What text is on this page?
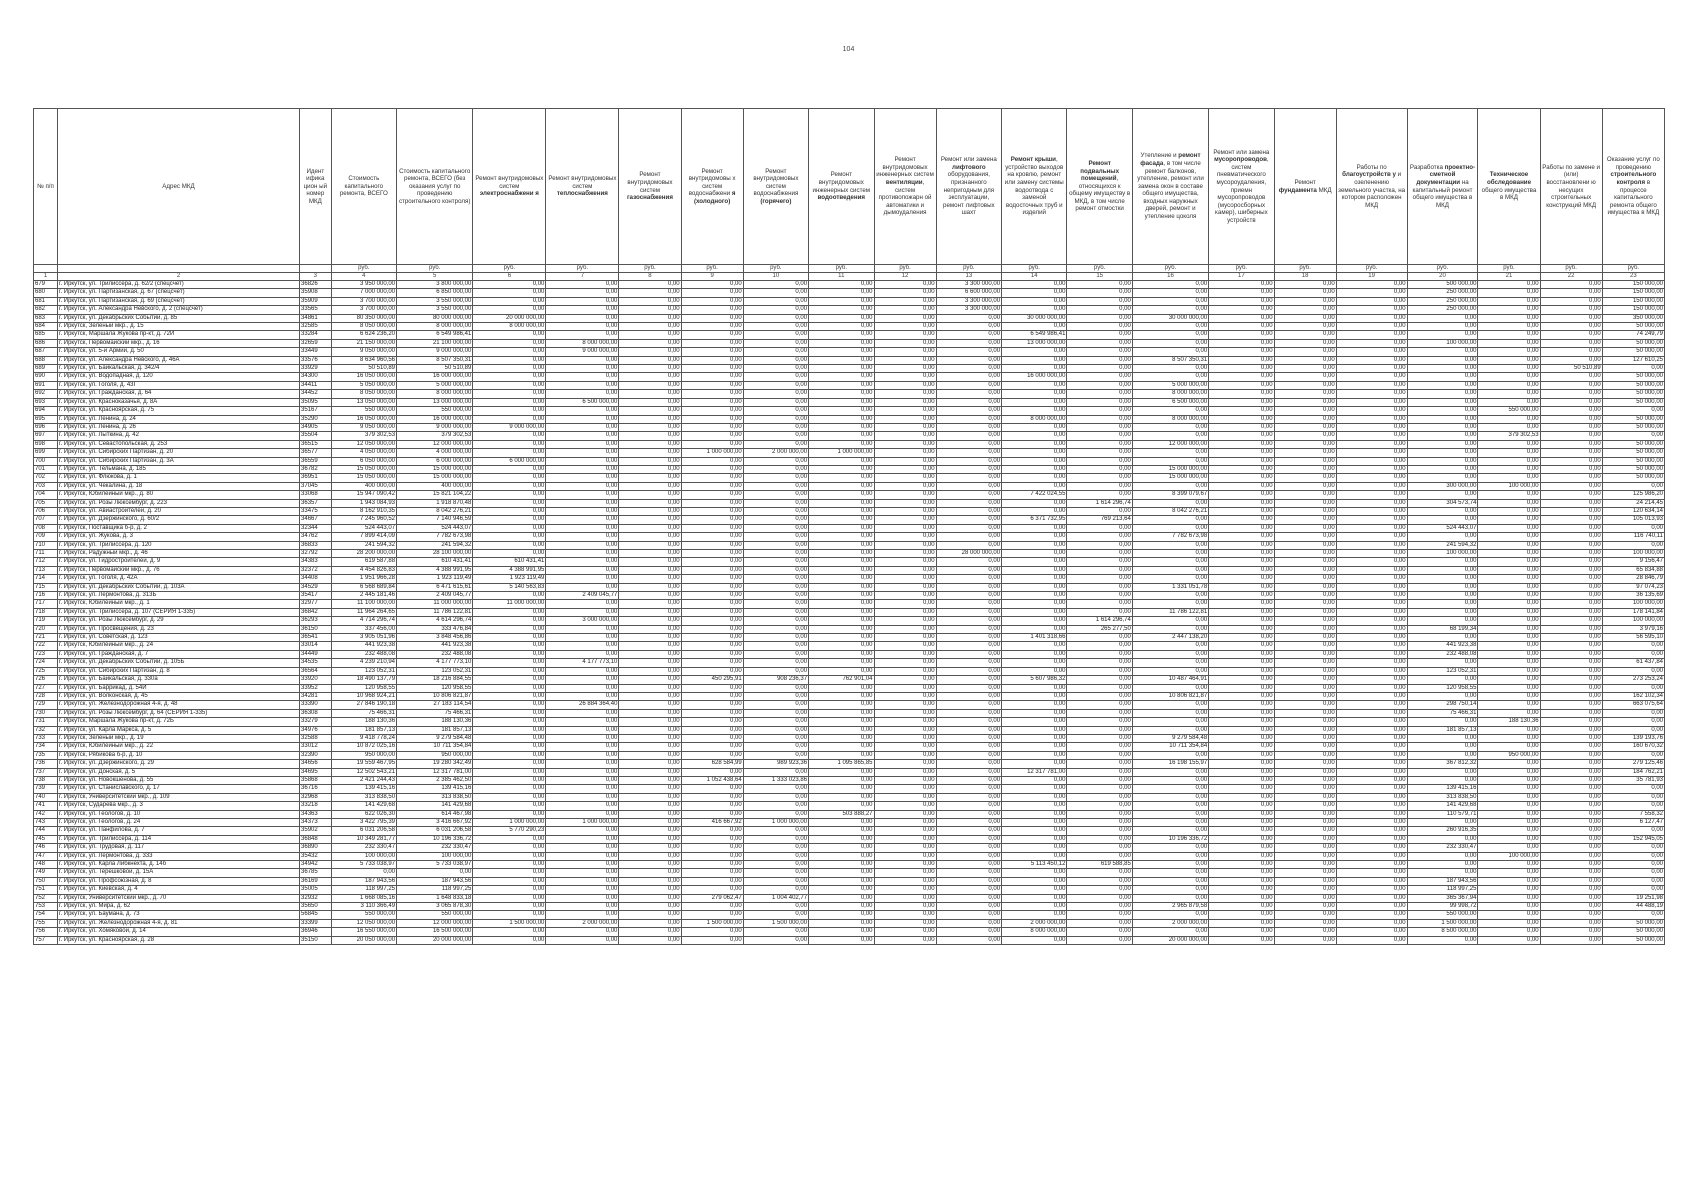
104
№ п/п	Адрес МКД	Идент ифика цион ый номер МКД	Стоимость капитального ремонта, ВСЕГО	Стоимость капитального ремонта, ВСЕГО (без оказания услуг по проведению строительного контроля)	Ремонт внутридомовых систем электроснабжени я	Ремонт внутридомовых систем теплоснабжения	Ремонт внутридомовых систем газоснабжения	Ремонт внутридомовы х систем водоснабжени я (холодного)	Ремонт внутридомовых систем водоснабжения (горячего)	Ремонт внутридомовых инженерных систем водоотведения	Ремонт внутридомовых инженерных систем вентиляции, систем противопожарн ой автоматики и дымоудаления	Ремонт или замена лифтового оборудования, признанного непригодным для эксплуатации, ремонт лифтовых шахт	Ремонт крыши, устройство выходов на кровлю, ремонт или замену системы водоотвода с заменой водосточных труб и изделий	Ремонт подвальных помещений, относящихся к общему имуществу в МКД, в том числе ремонт отмостки	Утепление и ремонт фасада, в том числе ремонт балконов, утепление, ремонт или замена окон в составе общего имущества, входных наружных дверей, ремонт и утепление цоколя	Ремонт или замена мусоропроводов, систем пневматического мусороудаления, приемн мусоропроводов (мусоросборных камер), шиберных устройств	Ремонт фундамента МКД	Работы по благоустройств у и озеленению земельного участка, на котором расположен МКД	Разработка проектно-сметной документации на капитальный ремонт общего имущества в МКД	Техническое обследование общего имущества в МКД	Работы по замене и (или) восстановлени ю несущих строительных конструкций МКД	Оказание услуг по проведению строительного контроля в процессе капитального ремонта общего имущества в МКД
			руб.	руб.	руб.	руб.	руб.	руб.	руб.	руб.	руб.	руб.	руб.	руб.	руб.	руб.	руб.	руб.	руб.	руб.	руб.	руб.
1	2	3	4	5	6	7	8	9	10	11	12	13	14	15	16	17	18	19	20	21	22	23
679	г. Иркутск, ул. Трилиссера, д. 62/2 (спецсчет)	36826	3 950 000,00	3 800 000,00	0,00	0,00	0,00	0,00	0,00	0,00	0,00	3 300 000,00	0,00	0,00	0,00	0,00	0,00	0,00	500 000,00	0,00	0,00	150 000,00
680	г. Иркутск, ул. Партизанская, д. 67 (спецсчет)	35908	7 000 000,00	6 850 000,00	0,00	0,00	0,00	0,00	0,00	0,00	0,00	6 600 000,00	0,00	0,00	0,00	0,00	0,00	0,00	250 000,00	0,00	0,00	150 000,00
681	г. Иркутск, ул. Партизанская, д. 69 (спецсчет)	35909	3 700 000,00	3 550 000,00	0,00	0,00	0,00	0,00	0,00	0,00	0,00	3 300 000,00	0,00	0,00	0,00	0,00	0,00	0,00	250 000,00	0,00	0,00	150 000,00
682	г. Иркутск, ул. Александра Невского, д. 2 (спецсчет)	33565	3 700 000,00	3 550 000,00	0,00	0,00	0,00	0,00	0,00	0,00	0,00	3 300 000,00	0,00	0,00	0,00	0,00	0,00	0,00	250 000,00	0,00	0,00	150 000,00
683	г. Иркутск, ул. Декабрьских Событий, д. 85	34861	80 350 000,00	80 000 000,00	20 000 000,00	0,00	0,00	0,00	0,00	0,00	0,00	0,00	30 000 000,00	0,00	30 000 000,00	0,00	0,00	0,00	0,00	0,00	0,00	350 000,00
684	г. Иркутск, Зеленый мкр., д. 15	32585	8 050 000,00	8 000 000,00	8 000 000,00	0,00	0,00	0,00	0,00	0,00	0,00	0,00	0,00	0,00	0,00	0,00	0,00	0,00	0,00	0,00	0,00	50 000,00
685	г. Иркутск, Маршала Жукова пр-кт, д. 72И	33284	6 624 236,20	6 549 986,41	0,00	0,00	0,00	0,00	0,00	0,00	0,00	0,00	6 549 986,41	0,00	0,00	0,00	0,00	0,00	0,00	0,00	0,00	74 249,79
686	г. Иркутск, Первомайский мкр., д. 16	32659	21 150 000,00	21 100 000,00	0,00	8 000 000,00	0,00	0,00	0,00	0,00	0,00	0,00	13 000 000,00	0,00	0,00	0,00	0,00	0,00	100 000,00	0,00	0,00	50 000,00
687	г. Иркутск, ул. 5-й Армии, д. 50	33449	9 050 000,00	9 000 000,00	0,00	9 000 000,00	0,00	0,00	0,00	0,00	0,00	0,00	0,00	0,00	0,00	0,00	0,00	0,00	0,00	0,00	0,00	50 000,00
688	г. Иркутск, ул. Александра Невского, д. 46А	33576	8 634 960,56	8 507 350,31	0,00	0,00	0,00	0,00	0,00	0,00	0,00	0,00	0,00	0,00	8 507 350,31	0,00	0,00	0,00	0,00	0,00	0,00	127 610,25
689	г. Иркутск, ул. Байкальская, д. 342/4	33929	50 510,89	50 510,89	0,00	0,00	0,00	0,00	0,00	0,00	0,00	0,00	0,00	0,00	0,00	0,00	0,00	0,00	0,00	0,00	50 510,89	0,00
690	г. Иркутск, ул. Водопадная, д. 120	34300	16 050 000,00	16 000 000,00	0,00	0,00	0,00	0,00	0,00	0,00	0,00	0,00	16 000 000,00	0,00	0,00	0,00	0,00	0,00	0,00	0,00	0,00	50 000,00
691	г. Иркутск, ул. Гоголя, д. 43Г	34411	5 050 000,00	5 000 000,00	0,00	0,00	0,00	0,00	0,00	0,00	0,00	0,00	0,00	0,00	5 000 000,00	0,00	0,00	0,00	0,00	0,00	0,00	50 000,00
692	г. Иркутск, ул. Гражданская, д. 64	34452	8 050 000,00	8 000 000,00	0,00	0,00	0,00	0,00	0,00	0,00	0,00	0,00	0,00	0,00	8 000 000,00	0,00	0,00	0,00	0,00	0,00	0,00	50 000,00
693	г. Иркутск, ул. Красноказачья, д. 8А	35095	13 050 000,00	13 000 000,00	0,00	6 500 000,00	0,00	0,00	0,00	0,00	0,00	0,00	0,00	0,00	6 500 000,00	0,00	0,00	0,00	0,00	0,00	0,00	50 000,00
694	г. Иркутск, ул. Красноярская, д. 75	35167	550 000,00	550 000,00	0,00	0,00	0,00	0,00	0,00	0,00	0,00	0,00	0,00	0,00	0,00	0,00	0,00	0,00	0,00	550 000,00	0,00	0,00
695	г. Иркутск, ул. Ленина, д. 24	35290	16 050 000,00	16 000 000,00	0,00	0,00	0,00	0,00	0,00	0,00	0,00	0,00	8 000 000,00	0,00	8 000 000,00	0,00	0,00	0,00	0,00	0,00	0,00	50 000,00
696	г. Иркутск, ул. Ленина, д. 26	34905	9 050 000,00	9 000 000,00	9 000 000,00	0,00	0,00	0,00	0,00	0,00	0,00	0,00	0,00	0,00	0,00	0,00	0,00	0,00	0,00	0,00	0,00	50 000,00
697	г. Иркутск, ул. Лыткина, д. 42	35504	379 302,53	379 302,53	0,00	0,00	0,00	0,00	0,00	0,00	0,00	0,00	0,00	0,00	0,00	0,00	0,00	0,00	0,00	379 302,53	0,00	0,00
698	г. Иркутск, ул. Севастопольская, д. 253	36515	12 050 000,00	12 000 000,00	0,00	0,00	0,00	0,00	0,00	0,00	0,00	0,00	0,00	0,00	12 000 000,00	0,00	0,00	0,00	0,00	0,00	0,00	50 000,00
699	г. Иркутск, ул. Сибирских Партизан, д. 20	36577	4 050 000,00	4 000 000,00	0,00	0,00	0,00	1 000 000,00	2 000 000,00	1 000 000,00	0,00	0,00	0,00	0,00	0,00	0,00	0,00	0,00	0,00	0,00	0,00	50 000,00
700	г. Иркутск, ул. Сибирских Партизан, д. 3А	36559	6 050 000,00	6 000 000,00	6 000 000,00	0,00	0,00	0,00	0,00	0,00	0,00	0,00	0,00	0,00	0,00	0,00	0,00	0,00	0,00	0,00	0,00	50 000,00
701	г. Иркутск, ул. Тельмана, д. 185	36782	15 050 000,00	15 000 000,00	0,00	0,00	0,00	0,00	0,00	0,00	0,00	0,00	0,00	0,00	15 000 000,00	0,00	0,00	0,00	0,00	0,00	0,00	50 000,00
702	г. Иркутск, ул. Флюкова, д. 1	36951	15 050 000,00	15 000 000,00	0,00	0,00	0,00	0,00	0,00	0,00	0,00	0,00	0,00	0,00	15 000 000,00	0,00	0,00	0,00	0,00	0,00	0,00	50 000,00
703	г. Иркутск, ул. Чекалина, д. 18	37045	400 000,00	400 000,00	0,00	0,00	0,00	0,00	0,00	0,00	0,00	0,00	0,00	0,00	0,00	0,00	0,00	0,00	300 000,00	100 000,00	0,00	0,00
704	г. Иркутск, Юбилейный мкр., д. 80	33068	15 947 090,42	15 821 104,22	0,00	0,00	0,00	0,00	0,00	0,00	0,00	0,00	7 422 024,55	0,00	8 399 079,67	0,00	0,00	0,00	0,00	0,00	0,00	125 986,20
705	г. Иркутск, ул. Розы Люксембург, д. 223	36357	1 943 084,93	1 918 870,48	0,00	0,00	0,00	0,00	0,00	0,00	0,00	0,00	0,00	1 614 296,74	0,00	0,00	0,00	0,00	304 573,74	0,00	0,00	24 214,45
706	г. Иркутск, ул. Авиастроителей, д. 20	33475	8 162 910,35	8 042 276,21	0,00	0,00	0,00	0,00	0,00	0,00	0,00	0,00	0,00	0,00	8 042 276,21	0,00	0,00	0,00	0,00	0,00	0,00	120 634,14
707	г. Иркутск, ул. Дзержинского, д. 60/2	34667	7 245 960,52	7 140 946,59	0,00	0,00	0,00	0,00	0,00	0,00	0,00	0,00	6 371 732,95	769 213,64	0,00	0,00	0,00	0,00	0,00	0,00	0,00	105 013,93
708	г. Иркутск, Поставщика б-р, д. 2	32344	524 443,07	524 443,07	0,00	0,00	0,00	0,00	0,00	0,00	0,00	0,00	0,00	0,00	0,00	0,00	0,00	0,00	524 443,07	0,00	0,00	0,00
709	г. Иркутск, ул. Жукова, д. 3	34762	7 899 414,09	7 782 673,98	0,00	0,00	0,00	0,00	0,00	0,00	0,00	0,00	0,00	0,00	7 782 673,98	0,00	0,00	0,00	0,00	0,00	0,00	116 740,11
710	г. Иркутск, ул. Трилиссера, д. 120	36833	241 594,32	241 594,32	0,00	0,00	0,00	0,00	0,00	0,00	0,00	0,00	0,00	0,00	0,00	0,00	0,00	0,00	241 594,32	0,00	0,00	0,00
711	г. Иркутск, Радужный мкр., д. 46	32792	28 200 000,00	28 100 000,00	0,00	0,00	0,00	0,00	0,00	0,00	0,00	28 000 000,00	0,00	0,00	0,00	0,00	0,00	0,00	100 000,00	0,00	0,00	100 000,00
712	г. Иркутск, ул. Гидростроителей, д. 9	34383	619 587,88	610 431,41	610 431,41	0,00	0,00	0,00	0,00	0,00	0,00	0,00	0,00	0,00	0,00	0,00	0,00	0,00	0,00	0,00	0,00	9 156,47
713	г. Иркутск, Первомайский мкр., д. 76	32372	4 454 826,83	4 388 991,95	4 388 991,95	0,00	0,00	0,00	0,00	0,00	0,00	0,00	0,00	0,00	0,00	0,00	0,00	0,00	0,00	0,00	0,00	65 834,88
714	г. Иркутск, ул. Гоголя, д. 42А	34408	1 951 966,28	1 923 119,49	1 923 119,49	0,00	0,00	0,00	0,00	0,00	0,00	0,00	0,00	0,00	0,00	0,00	0,00	0,00	0,00	0,00	0,00	28 846,79
715	г. Иркутск, ул. Декабрьских Событий, д. 103А	34529	6 568 689,84	6 471 615,61	5 140 563,83	0,00	0,00	0,00	0,00	0,00	0,00	0,00	0,00	0,00	1 331 051,78	0,00	0,00	0,00	0,00	0,00	0,00	97 074,23
716	г. Иркутск, ул. Лермонтова, д. 313Б	35417	2 445 181,46	2 409 045,77	0,00	2 409 045,77	0,00	0,00	0,00	0,00	0,00	0,00	0,00	0,00	0,00	0,00	0,00	0,00	0,00	0,00	0,00	36 135,69
717	г. Иркутск, Юбилейный мкр., д. 1	32977	11 100 000,00	11 000 000,00	11 000 000,00	0,00	0,00	0,00	0,00	0,00	0,00	0,00	0,00	0,00	0,00	0,00	0,00	0,00	0,00	0,00	0,00	100 000,00
718	г. Иркутск, ул. Трилиссера, д. 107 (СЕРИЯ 1-335)	36842	11 964 264,65	11 786 122,81	0,00	0,00	0,00	0,00	0,00	0,00	0,00	0,00	0,00	0,00	11 786 122,81	0,00	0,00	0,00	0,00	0,00	0,00	178 141,84
719	г. Иркутск, ул. Розы Люксембург, д. 29	36293	4 714 296,74	4 614 296,74	0,00	3 000 000,00	0,00	0,00	0,00	0,00	0,00	0,00	0,00	1 614 296,74	0,00	0,00	0,00	0,00	0,00	0,00	0,00	100 000,00
720	г. Иркутск, ул. Просвещения, д. 23	36150	337 456,00	333 476,84	0,00	0,00	0,00	0,00	0,00	0,00	0,00	0,00	0,00	265 277,50	0,00	0,00	0,00	0,00	68 199,34	0,00	0,00	3 979,16
721	г. Иркутск, ул. Советская, д. 123	36541	3 905 051,96	3 848 456,86	0,00	0,00	0,00	0,00	0,00	0,00	0,00	0,00	1 401 318,66	0,00	2 447 138,20	0,00	0,00	0,00	0,00	0,00	0,00	56 595,10
722	г. Иркутск, Юбилейный мкр., д. 24	33014	441 923,38	441 923,38	0,00	0,00	0,00	0,00	0,00	0,00	0,00	0,00	0,00	0,00	0,00	0,00	0,00	0,00	441 923,38	0,00	0,00	0,00
723	г. Иркутск, ул. Гражданская, д. 7	34449	232 488,08	232 488,08	0,00	0,00	0,00	0,00	0,00	0,00	0,00	0,00	0,00	0,00	0,00	0,00	0,00	0,00	232 488,08	0,00	0,00	0,00
724	г. Иркутск, ул. Декабрьских Событий, д. 105Б	34535	4 239 210,94	4 177 773,10	0,00	4 177 773,10	0,00	0,00	0,00	0,00	0,00	0,00	0,00	0,00	0,00	0,00	0,00	0,00	0,00	0,00	0,00	61 437,84
725	г. Иркутск, ул. Сибирских Партизан, д. 8	36564	123 052,31	123 052,31	0,00	0,00	0,00	0,00	0,00	0,00	0,00	0,00	0,00	0,00	0,00	0,00	0,00	0,00	123 052,31	0,00	0,00	0,00
726	г. Иркутск, ул. Байкальская, д. 330а	33920	18 490 137,79	18 216 884,55	0,00	0,00	0,00	450 295,91	908 236,37	762 901,04	0,00	0,00	5 607 986,32	0,00	10 487 464,91	0,00	0,00	0,00	0,00	0,00	0,00	273 253,24
727	г. Иркутск, ул. Баррикад, д. 54И	33952	120 958,55	120 958,55	0,00	0,00	0,00	0,00	0,00	0,00	0,00	0,00	0,00	0,00	0,00	0,00	0,00	0,00	120 958,55	0,00	0,00	0,00
728	г. Иркутск, ул. Волконская, д. 45	34281	10 968 924,21	10 806 821,87	0,00	0,00	0,00	0,00	0,00	0,00	0,00	0,00	0,00	0,00	10 806 821,87	0,00	0,00	0,00	0,00	0,00	0,00	162 102,34
729	г. Иркутск, ул. Железнодорожная 4-я, д. 48	33390	27 846 190,18	27 183 114,54	0,00	26 884 364,40	0,00	0,00	0,00	0,00	0,00	0,00	0,00	0,00	0,00	0,00	0,00	0,00	298 750,14	0,00	0,00	663 075,64
730	г. Иркутск, ул. Розы Люксембург, д. 64 (СЕРИЯ 1-335)	36308	75 466,31	75 466,31	0,00	0,00	0,00	0,00	0,00	0,00	0,00	0,00	0,00	0,00	0,00	0,00	0,00	0,00	75 466,31	0,00	0,00	0,00
731	г. Иркутск, Маршала Жукова пр-кт, д. 72Б	33279	188 130,36	188 130,36	0,00	0,00	0,00	0,00	0,00	0,00	0,00	0,00	0,00	0,00	0,00	0,00	0,00	0,00	0,00	188 130,36	0,00	0,00
732	г. Иркутск, ул. Карла Маркса, д. 5	34976	181 857,13	181 857,13	0,00	0,00	0,00	0,00	0,00	0,00	0,00	0,00	0,00	0,00	0,00	0,00	0,00	0,00	181 857,13	0,00	0,00	0,00
733	г. Иркутск, Зеленый мкр., д. 19	32588	9 418 778,24	9 279 584,48	0,00	0,00	0,00	0,00	0,00	0,00	0,00	0,00	0,00	0,00	9 279 584,48	0,00	0,00	0,00	0,00	0,00	0,00	139 193,76
734	г. Иркутск, Юбилейный мкр., д. 22	33012	10 872 025,16	10 711 354,84	0,00	0,00	0,00	0,00	0,00	0,00	0,00	0,00	0,00	0,00	10 711 354,84	0,00	0,00	0,00	0,00	0,00	0,00	160 670,32
735	г. Иркутск, Рябикова б-р, д. 10	32390	950 000,00	950 000,00	0,00	0,00	0,00	0,00	0,00	0,00	0,00	0,00	0,00	0,00	0,00	0,00	0,00	0,00	0,00	950 000,00	0,00	0,00
736	г. Иркутск, ул. Дзержинского, д. 29	34656	19 559 467,95	19 280 342,49	0,00	0,00	0,00	628 584,99	989 923,36	1 095 865,85	0,00	0,00	0,00	0,00	16 198 155,97	0,00	0,00	0,00	367 812,32	0,00	0,00	279 125,46
737	г. Иркутск, ул. Донская, д. 5	34695	12 502 543,21	12 317 781,00	0,00	0,00	0,00	0,00	0,00	0,00	0,00	0,00	12 317 781,00	0,00	0,00	0,00	0,00	0,00	0,00	0,00	0,00	184 762,21
738	г. Иркутск, ул. Новокшенова, д. 55	35868	2 421 244,43	2 385 462,50	0,00	0,00	0,00	1 052 438,64	1 333 023,86	0,00	0,00	0,00	0,00	0,00	0,00	0,00	0,00	0,00	0,00	0,00	0,00	35 781,93
739	г. Иркутск, ул. Станиславского, д. 17	36716	139 415,16	139 415,16	0,00	0,00	0,00	0,00	0,00	0,00	0,00	0,00	0,00	0,00	0,00	0,00	0,00	0,00	139 415,16	0,00	0,00	0,00
740	г. Иркутск, Университетский мкр., д. 109	32968	313 838,50	313 838,50	0,00	0,00	0,00	0,00	0,00	0,00	0,00	0,00	0,00	0,00	0,00	0,00	0,00	0,00	313 838,50	0,00	0,00	0,00
741	г. Иркутск, Сударева мкр., д. 3	33218	141 429,68	141 429,68	0,00	0,00	0,00	0,00	0,00	0,00	0,00	0,00	0,00	0,00	0,00	0,00	0,00	0,00	141 429,68	0,00	0,00	0,00
742	г. Иркутск, ул. Геологов, д. 10	34363	622 026,30	614 467,98	0,00	0,00	0,00	0,00	0,00	503 888,27	0,00	0,00	0,00	0,00	0,00	0,00	0,00	0,00	110 579,71	0,00	0,00	7 558,32
743	г. Иркутск, ул. Геологов, д. 24	34373	3 422 795,39	3 416 667,92	1 000 000,00	1 000 000,00	0,00	416 667,92	1 000 000,00	0,00	0,00	0,00	0,00	0,00	0,00	0,00	0,00	0,00	0,00	0,00	0,00	6 127,47
744	г. Иркутск, ул. Панфилова, д. 7	35902	6 031 206,58	6 031 206,58	5 770 290,23	0,00	0,00	0,00	0,00	0,00	0,00	0,00	0,00	0,00	0,00	0,00	0,00	0,00	260 916,35	0,00	0,00	0,00
745	г. Иркутск, ул. Трилиссера, д. 114	36848	10 349 281,77	10 196 336,72	0,00	0,00	0,00	0,00	0,00	0,00	0,00	0,00	0,00	0,00	10 196 336,72	0,00	0,00	0,00	0,00	0,00	0,00	152 945,05
746	г. Иркутск, ул. Трудовая, д. 117	36890	232 330,47	232 330,47	0,00	0,00	0,00	0,00	0,00	0,00	0,00	0,00	0,00	0,00	0,00	0,00	0,00	0,00	232 330,47	0,00	0,00	0,00
747	г. Иркутск, ул. Лермонтова, д. 333	35432	100 000,00	100 000,00	0,00	0,00	0,00	0,00	0,00	0,00	0,00	0,00	0,00	0,00	0,00	0,00	0,00	0,00	0,00	100 000,00	0,00	0,00
748	г. Иркутск, ул. Карла Либкнехта, д. 14б	34942	5 733 038,97	5 733 038,97	0,00	0,00	0,00	0,00	0,00	0,00	0,00	0,00	5 113 450,12	619 588,85	0,00	0,00	0,00	0,00	0,00	0,00	0,00	0,00
749	г. Иркутск, ул. Терешковой, д. 15А	36785	0,00	0,00	0,00	0,00	0,00	0,00	0,00	0,00	0,00	0,00	0,00	0,00	0,00	0,00	0,00	0,00	0,00	0,00	0,00	0,00
750	г. Иркутск, ул. Профсоюзная, д. 8	36169	187 943,56	187 943,56	0,00	0,00	0,00	0,00	0,00	0,00	0,00	0,00	0,00	0,00	0,00	0,00	0,00	0,00	187 943,56	0,00	0,00	0,00
751	г. Иркутск, ул. Киевская, д. 4	35005	118 997,25	118 997,25	0,00	0,00	0,00	0,00	0,00	0,00	0,00	0,00	0,00	0,00	0,00	0,00	0,00	0,00	118 997,25	0,00	0,00	0,00
752	г. Иркутск, Университетский мкр., д. 70	32932	1 668 085,16	1 648 833,18	0,00	0,00	0,00	279 062,47	1 004 402,77	0,00	0,00	0,00	0,00	0,00	0,00	0,00	0,00	0,00	365 367,94	0,00	0,00	19 251,98
753	г. Иркутск, ул. Мира, д. 62	35650	3 110 366,49	3 065 878,30	0,00	0,00	0,00	0,00	0,00	0,00	0,00	0,00	0,00	0,00	2 965 879,58	0,00	0,00	0,00	99 998,72	0,00	0,00	44 488,19
754	г. Иркутск, ул. Баумана, д. 73	56845	550 000,00	550 000,00	0,00	0,00	0,00	0,00	0,00	0,00	0,00	0,00	0,00	0,00	0,00	0,00	0,00	0,00	550 000,00	0,00	0,00	0,00
755	г. Иркутск, ул. Железнодорожная 4-я, д. 81	33399	12 050 000,00	12 000 000,00	1 500 000,00	2 000 000,00	0,00	1 500 000,00	1 500 000,00	0,00	0,00	0,00	2 000 000,00	0,00	2 000 000,00	0,00	0,00	0,00	1 500 000,00	0,00	0,00	50 000,00
756	г. Иркутск, ул. Хомяковой, д. 14	36946	16 550 000,00	16 500 000,00	0,00	0,00	0,00	0,00	0,00	0,00	0,00	0,00	8 000 000,00	0,00	0,00	0,00	0,00	0,00	8 500 000,00	0,00	0,00	50 000,00
757	г. Иркутск, ул. Красноярская, д. 28	35150	20 050 000,00	20 000 000,00	0,00	0,00	0,00	0,00	0,00	0,00	0,00	0,00	0,00	0,00	20 000 000,00	0,00	0,00	0,00	0,00	0,00	0,00	50 000,00
